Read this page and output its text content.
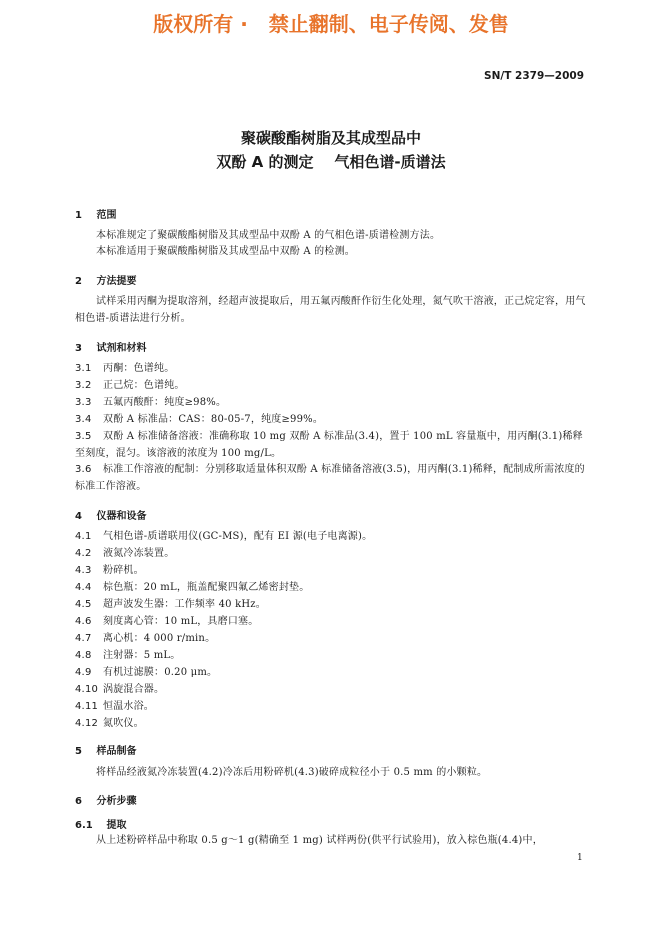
版权所有 ·   禁止翻制、电子传阅、发售
SN/T 2379—2009
聚碳酸酯树脂及其成型品中
双酚 A 的测定    气相色谱-质谱法
1 范围
本标准规定了聚碳酸酯树脂及其成型品中双酚 A 的气相色谱-质谱检测方法。
本标准适用于聚碳酸酯树脂及其成型品中双酚 A 的检测。
2 方法提要
试样采用丙酮为提取溶剂，经超声波提取后，用五氟丙酸酐作衍生化处理，氮气吹干溶液，正己烷定容，用气相色谱-质谱法进行分析。
3 试剂和材料
3.1 丙酮：色谱纯。
3.2 正己烷：色谱纯。
3.3 五氟丙酸酐：纯度≥98%。
3.4 双酚 A 标准品：CAS：80-05-7，纯度≥99%。
3.5 双酚 A 标准储备溶液：准确称取 10 mg 双酚 A 标准品(3.4)，置于 100 mL 容量瓶中，用丙酮(3.1)稀释至刻度，混匀。该溶液的浓度为 100 mg/L。
3.6 标准工作溶液的配制：分别移取适量体积双酚 A 标准储备溶液(3.5)，用丙酮(3.1)稀释，配制成所需浓度的标准工作溶液。
4 仪器和设备
4.1 气相色谱-质谱联用仪(GC-MS)，配有 EI 源(电子电离源)。
4.2 液氮冷冻装置。
4.3 粉碎机。
4.4 棕色瓶：20 mL，瓶盖配聚四氟乙烯密封垫。
4.5 超声波发生器：工作频率 40 kHz。
4.6 刻度离心管：10 mL，具磨口塞。
4.7 离心机：4 000 r/min。
4.8 注射器：5 mL。
4.9 有机过滤膜：0.20 μm。
4.10 涡旋混合器。
4.11 恒温水浴。
4.12 氮吹仪。
5 样品制备
将样品经液氮冷冻装置(4.2)冷冻后用粉碎机(4.3)破碎成粒径小于 0.5 mm 的小颗粒。
6 分析步骤
6.1 提取
从上述粉碎样品中称取 0.5 g～1 g(精确至 1 mg) 试样两份(供平行试验用)，放入棕色瓶(4.4)中，
1
